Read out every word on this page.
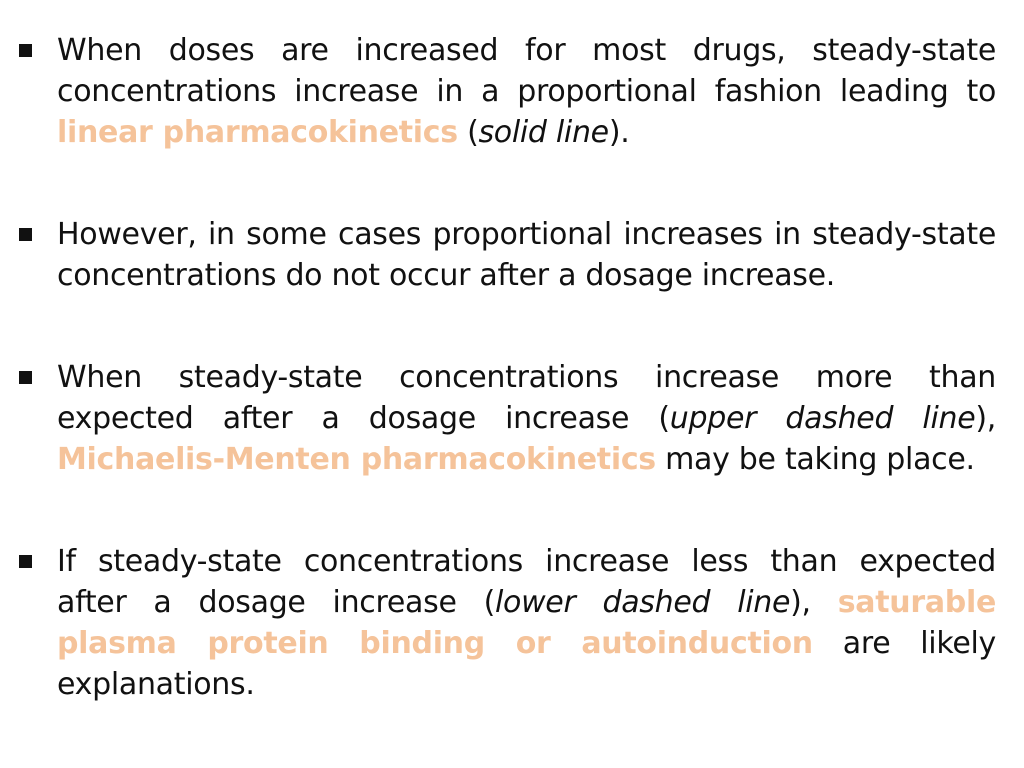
When doses are increased for most drugs, steady-state concentrations increase in a proportional fashion leading to linear pharmacokinetics (solid line).
However, in some cases proportional increases in steady-state concentrations do not occur after a dosage increase.
When steady-state concentrations increase more than expected after a dosage increase (upper dashed line), Michaelis-Menten pharmacokinetics may be taking place.
If steady-state concentrations increase less than expected after a dosage increase (lower dashed line), saturable plasma protein binding or autoinduction are likely explanations.
